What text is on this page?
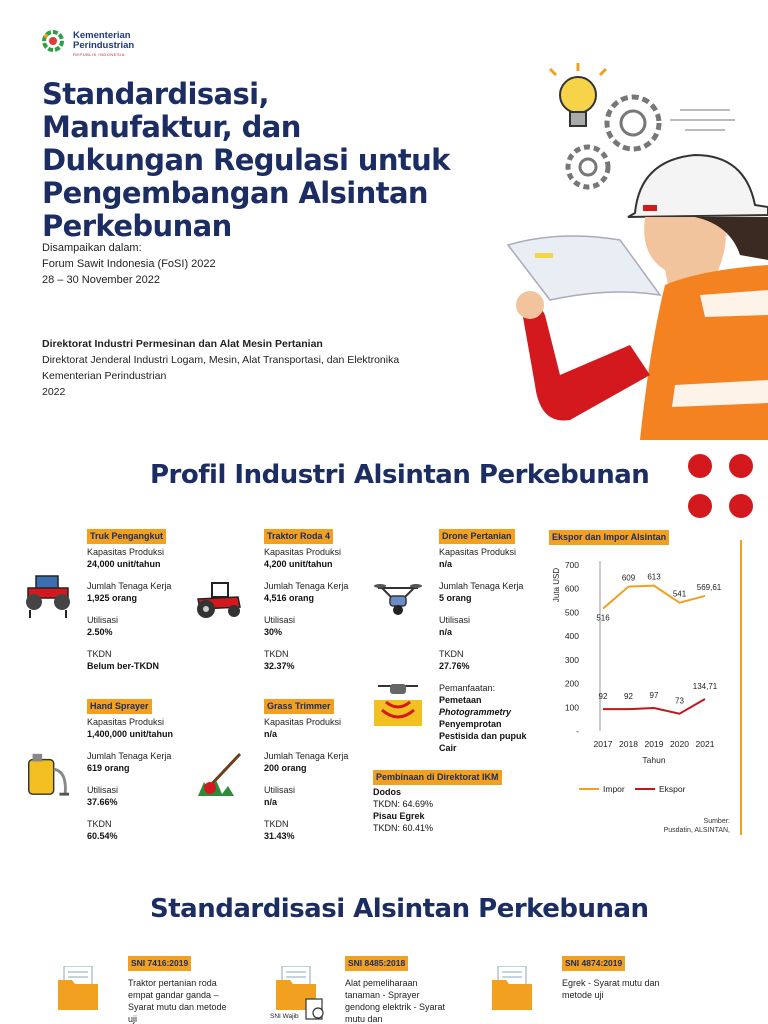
Kementerian
Perindustrian
REPUBLIK INDONESIA
Standardisasi, Manufaktur, dan Dukungan Regulasi untuk Pengembangan Alsintan Perkebunan
Disampaikan dalam:
Forum Sawit Indonesia (FoSI) 2022
28 – 30 November 2022
Direktorat Industri Permesinan dan Alat Mesin Pertanian
Direktorat Jenderal Industri Logam, Mesin, Alat Transportasi, dan Elektronika
Kementerian Perindustrian
2022
Profil Industri Alsintan Perkebunan
Truk Pengangkut
Kapasitas Produksi
24,000 unit/tahun
Jumlah Tenaga Kerja
1,925 orang
Utilisasi
2.50%
TKDN
Belum ber-TKDN
Traktor Roda 4
Kapasitas Produksi
4,200 unit/tahun
Jumlah Tenaga Kerja
4,516 orang
Utilisasi
30%
TKDN
32.37%
Drone Pertanian
Kapasitas Produksi
n/a
Jumlah Tenaga Kerja
5 orang
Utilisasi
n/a
TKDN
27.76%
Pemanfaatan:
Pemetaan
Photogrammetry
Penyemprotan Pestisida dan pupuk Cair
Hand Sprayer
Kapasitas Produksi
1,400,000 unit/tahun
Jumlah Tenaga Kerja
619 orang
Utilisasi
37.66%
TKDN
60.54%
Grass Trimmer
Kapasitas Produksi
n/a
Jumlah Tenaga Kerja
200 orang
Utilisasi
n/a
TKDN
31.43%
Pembinaan di Direktorat IKM
Dodos
TKDN: 64.69%
Pisau Egrek
TKDN: 60.41%
Ekspor dan Impor Alsintan
-
100
200
300
400
500
600
700
Juta USD
2017 2018 2019 2020 2021
Tahun
516
609 613
541
569,61
92 92 97
73
134,71
Impor	Ekspor
Sumber:
Pusdatin, ALSINTAN,
Standardisasi Alsintan Perkebunan
SNI 7416:2019
Traktor pertanian roda empat gandar ganda – Syarat mutu dan metode uji
SNI 8485:2018
Alat pemeliharaan tanaman - Sprayer gendong elektrik - Syarat mutu dan
SNI 4874:2019
Egrek - Syarat mutu dan metode uji
SNI Wajib
